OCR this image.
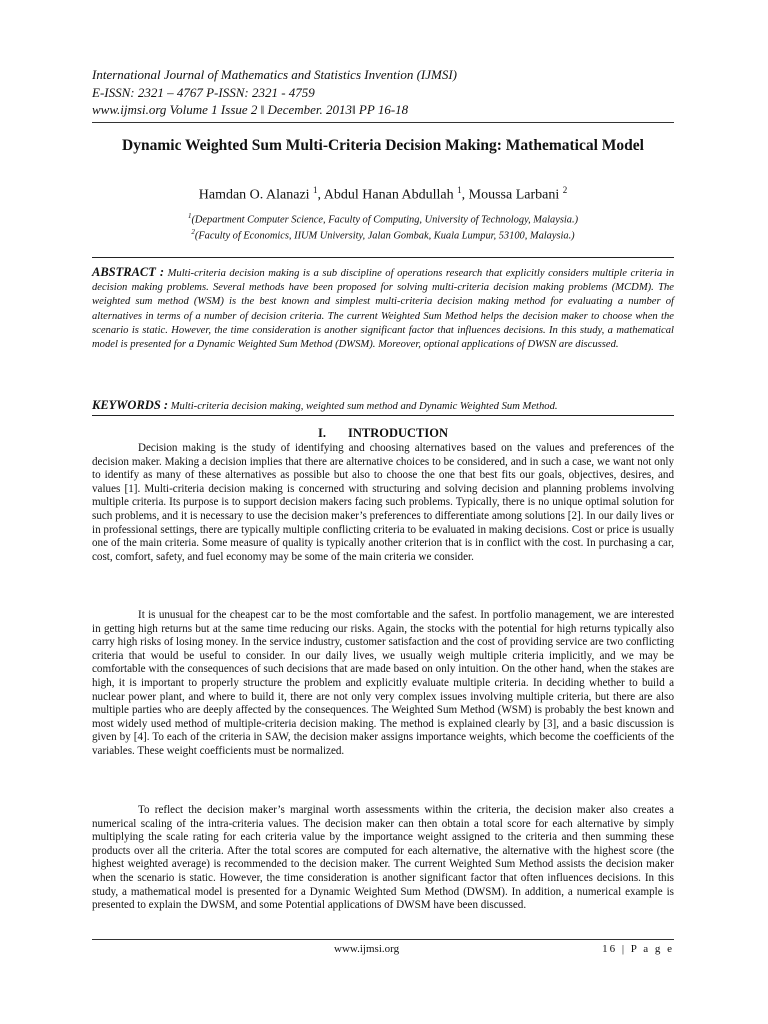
International Journal of Mathematics and Statistics Invention (IJMSI)
E-ISSN: 2321 – 4767 P-ISSN: 2321 - 4759
www.ijmsi.org Volume 1 Issue 2 ‖ December. 2013‖ PP 16-18
Dynamic Weighted Sum Multi-Criteria Decision Making: Mathematical Model
Hamdan O. Alanazi $^1$, Abdul Hanan Abdullah $^1$, Moussa Larbani $^2$
$^1$(Department Computer Science, Faculty of Computing, University of Technology, Malaysia.)
$^2$(Faculty of Economics, IIUM University, Jalan Gombak, Kuala Lumpur, 53100, Malaysia.)
ABSTRACT : Multi-criteria decision making is a sub discipline of operations research that explicitly considers multiple criteria in decision making problems. Several methods have been proposed for solving multi-criteria decision making problems (MCDM). The weighted sum method (WSM) is the best known and simplest multi-criteria decision making method for evaluating a number of alternatives in terms of a number of decision criteria. The current Weighted Sum Method helps the decision maker to choose when the scenario is static. However, the time consideration is another significant factor that influences decisions. In this study, a mathematical model is presented for a Dynamic Weighted Sum Method (DWSM). Moreover, optional applications of DWSN are discussed.
KEYWORDS : Multi-criteria decision making, weighted sum method and Dynamic Weighted Sum Method.
I. INTRODUCTION
Decision making is the study of identifying and choosing alternatives based on the values and preferences of the decision maker. Making a decision implies that there are alternative choices to be considered, and in such a case, we want not only to identify as many of these alternatives as possible but also to choose the one that best fits our goals, objectives, desires, and values [1]. Multi-criteria decision making is concerned with structuring and solving decision and planning problems involving multiple criteria. Its purpose is to support decision makers facing such problems. Typically, there is no unique optimal solution for such problems, and it is necessary to use the decision maker’s preferences to differentiate among solutions [2]. In our daily lives or in professional settings, there are typically multiple conflicting criteria to be evaluated in making decisions. Cost or price is usually one of the main criteria. Some measure of quality is typically another criterion that is in conflict with the cost. In purchasing a car, cost, comfort, safety, and fuel economy may be some of the main criteria we consider.
It is unusual for the cheapest car to be the most comfortable and the safest. In portfolio management, we are interested in getting high returns but at the same time reducing our risks. Again, the stocks with the potential for high returns typically also carry high risks of losing money. In the service industry, customer satisfaction and the cost of providing service are two conflicting criteria that would be useful to consider. In our daily lives, we usually weigh multiple criteria implicitly, and we may be comfortable with the consequences of such decisions that are made based on only intuition. On the other hand, when the stakes are high, it is important to properly structure the problem and explicitly evaluate multiple criteria. In deciding whether to build a nuclear power plant, and where to build it, there are not only very complex issues involving multiple criteria, but there are also multiple parties who are deeply affected by the consequences. The Weighted Sum Method (WSM) is probably the best known and most widely used method of multiple-criteria decision making. The method is explained clearly by [3], and a basic discussion is given by [4]. To each of the criteria in SAW, the decision maker assigns importance weights, which become the coefficients of the variables. These weight coefficients must be normalized.
To reflect the decision maker’s marginal worth assessments within the criteria, the decision maker also creates a numerical scaling of the intra-criteria values. The decision maker can then obtain a total score for each alternative by simply multiplying the scale rating for each criteria value by the importance weight assigned to the criteria and then summing these products over all the criteria. After the total scores are computed for each alternative, the alternative with the highest score (the highest weighted average) is recommended to the decision maker. The current Weighted Sum Method assists the decision maker when the scenario is static. However, the time consideration is another significant factor that often influences decisions. In this study, a mathematical model is presented for a Dynamic Weighted Sum Method (DWSM). In addition, a numerical example is presented to explain the DWSM, and some Potential applications of DWSM have been discussed.
www.ijmsi.org	16 | P a g e
